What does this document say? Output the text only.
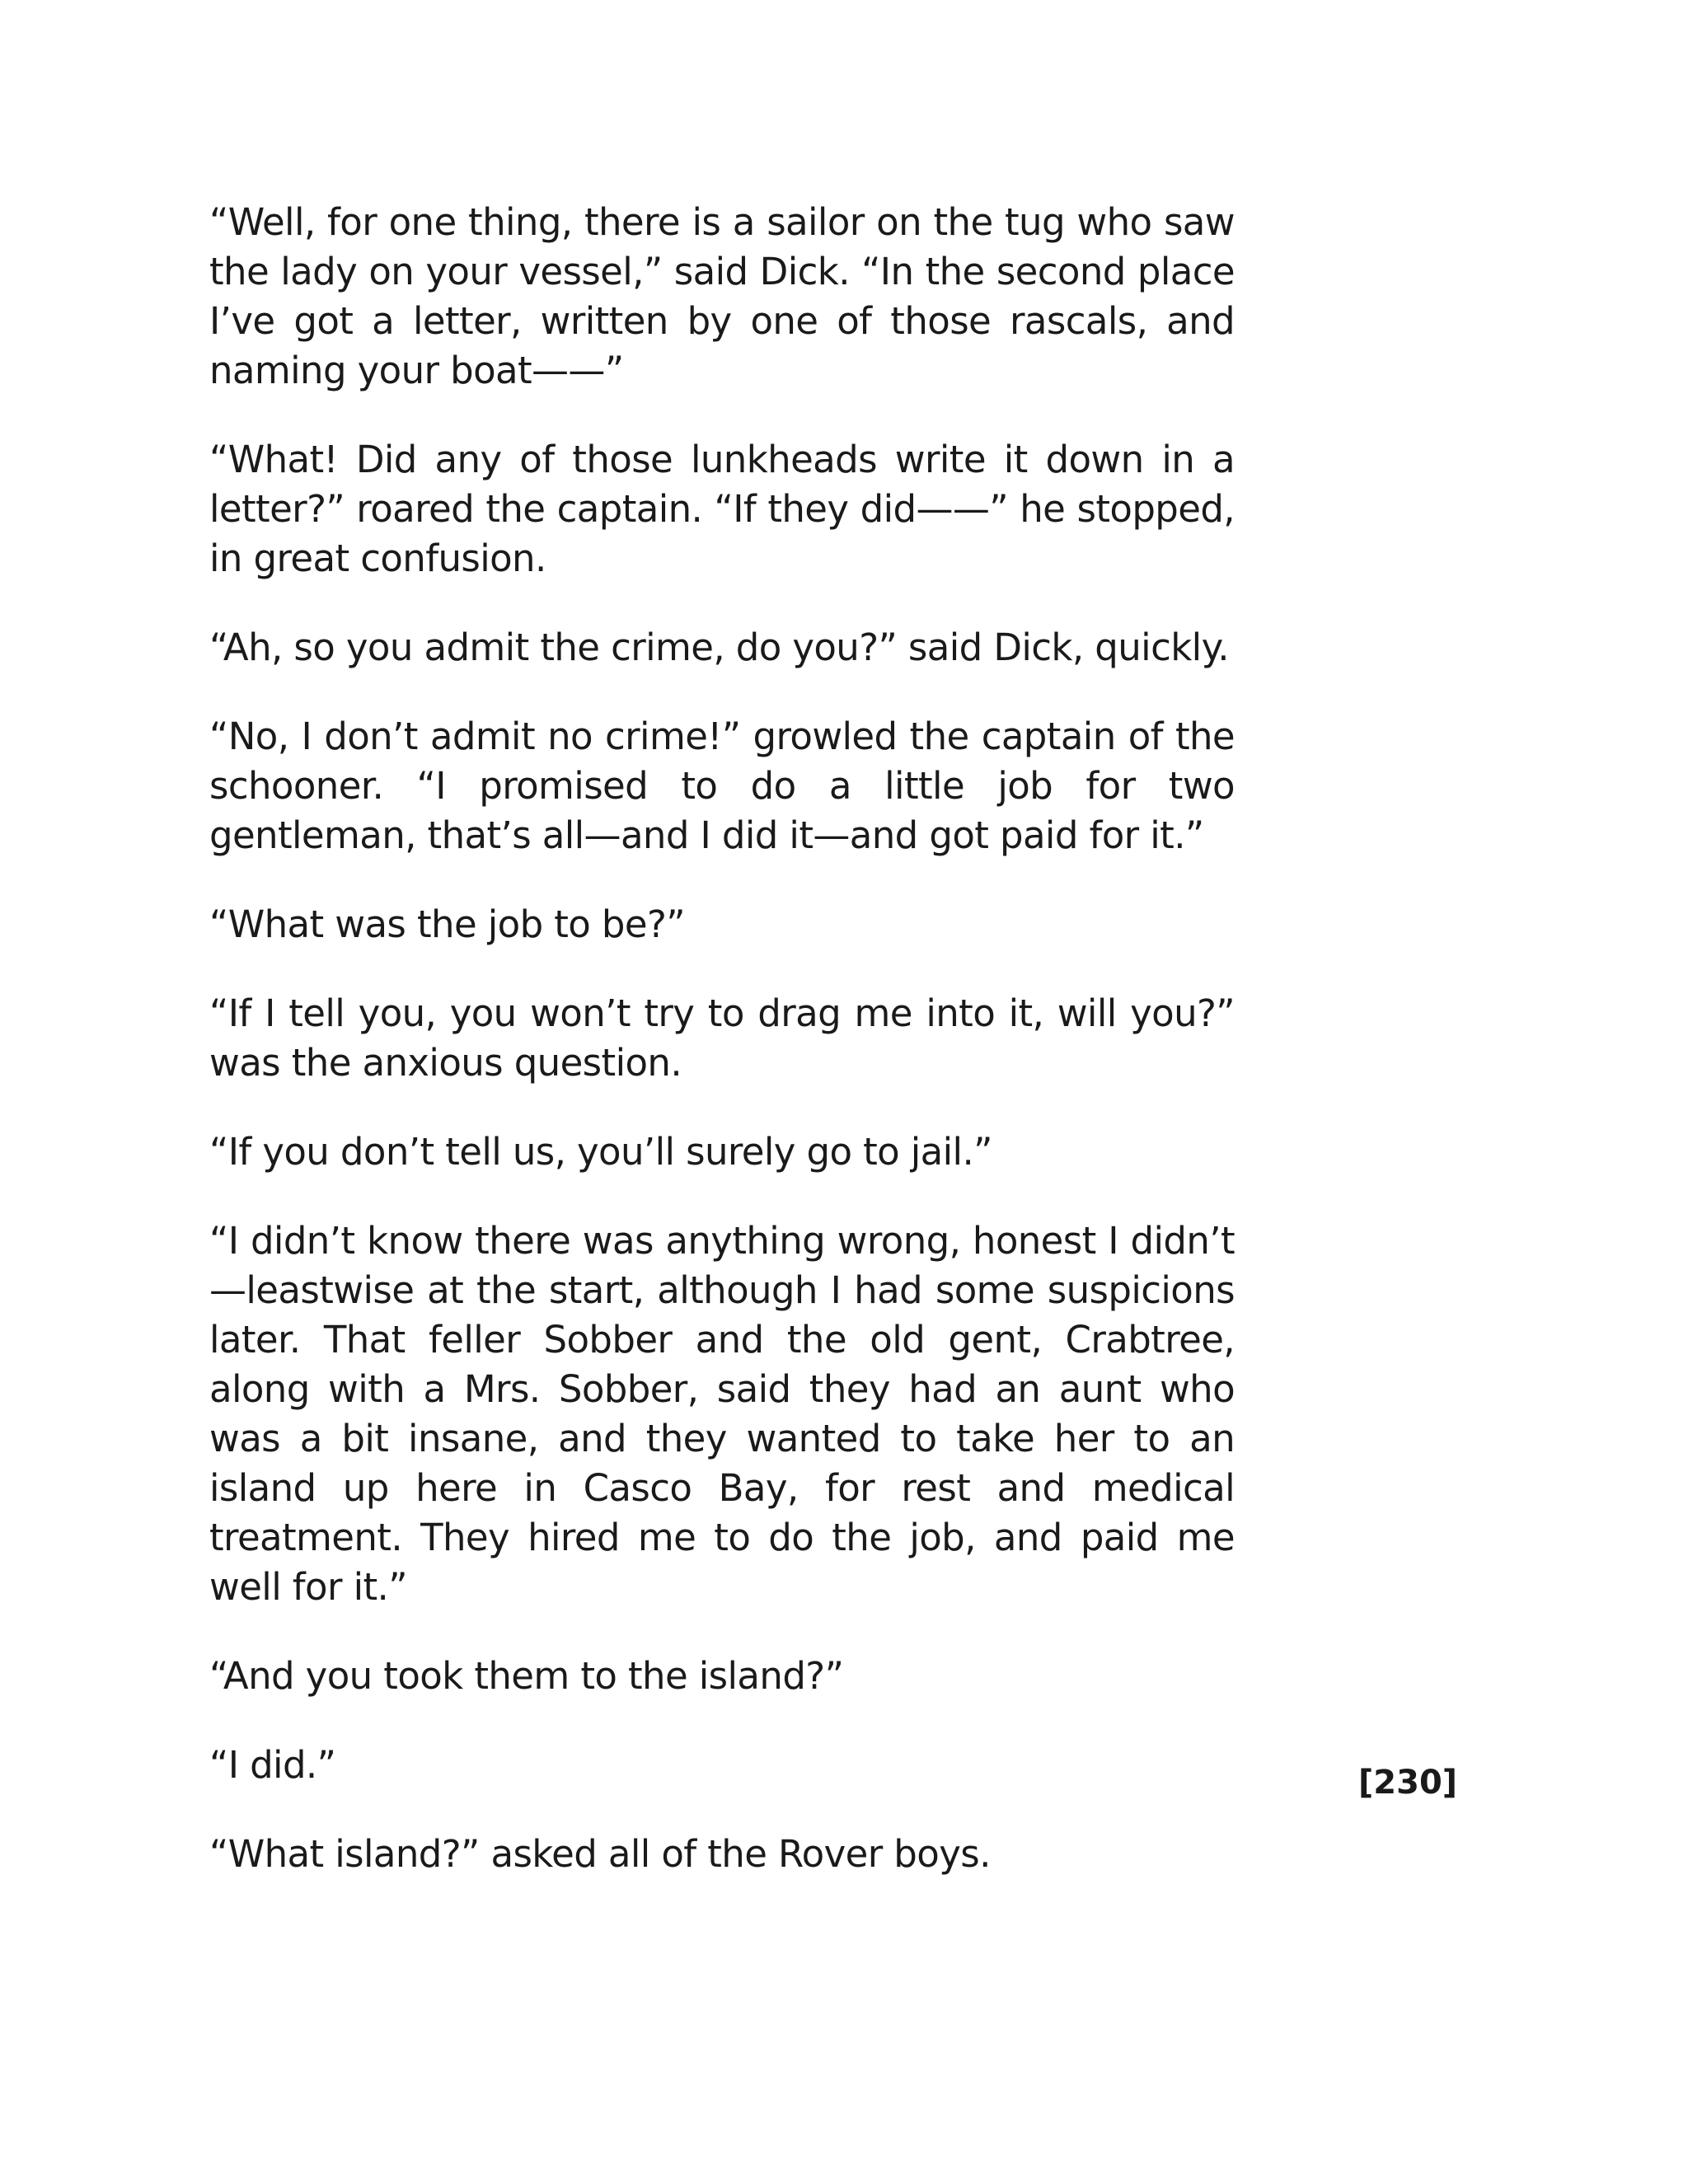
“Well, for one thing, there is a sailor on the tug who saw the lady on your vessel,” said Dick. “In the second place I’ve got a letter, written by one of those rascals, and naming your boat——”

“What! Did any of those lunkheads write it down in a letter?” roared the captain. “If they did——” he stopped, in great confusion.

“Ah, so you admit the crime, do you?” said Dick, quickly.

“No, I don’t admit no crime!” growled the captain of the schooner. “I promised to do a little job for two gentleman, that’s all—and I did it—and got paid for it.”

“What was the job to be?”

“If I tell you, you won’t try to drag me into it, will you?” was the anxious question.

“If you don’t tell us, you’ll surely go to jail.”

“I didn’t know there was anything wrong, honest I didn’t—leastwise at the start, although I had some suspicions later. That feller Sobber and the old gent, Crabtree, along with a Mrs. Sobber, said they had an aunt who was a bit insane, and they wanted to take her to an island up here in Casco Bay, for rest and medical treatment. They hired me to do the job, and paid me well for it.”

“And you took them to the island?”

“I did.”

“What island?” asked all of the Rover boys.

[230]
